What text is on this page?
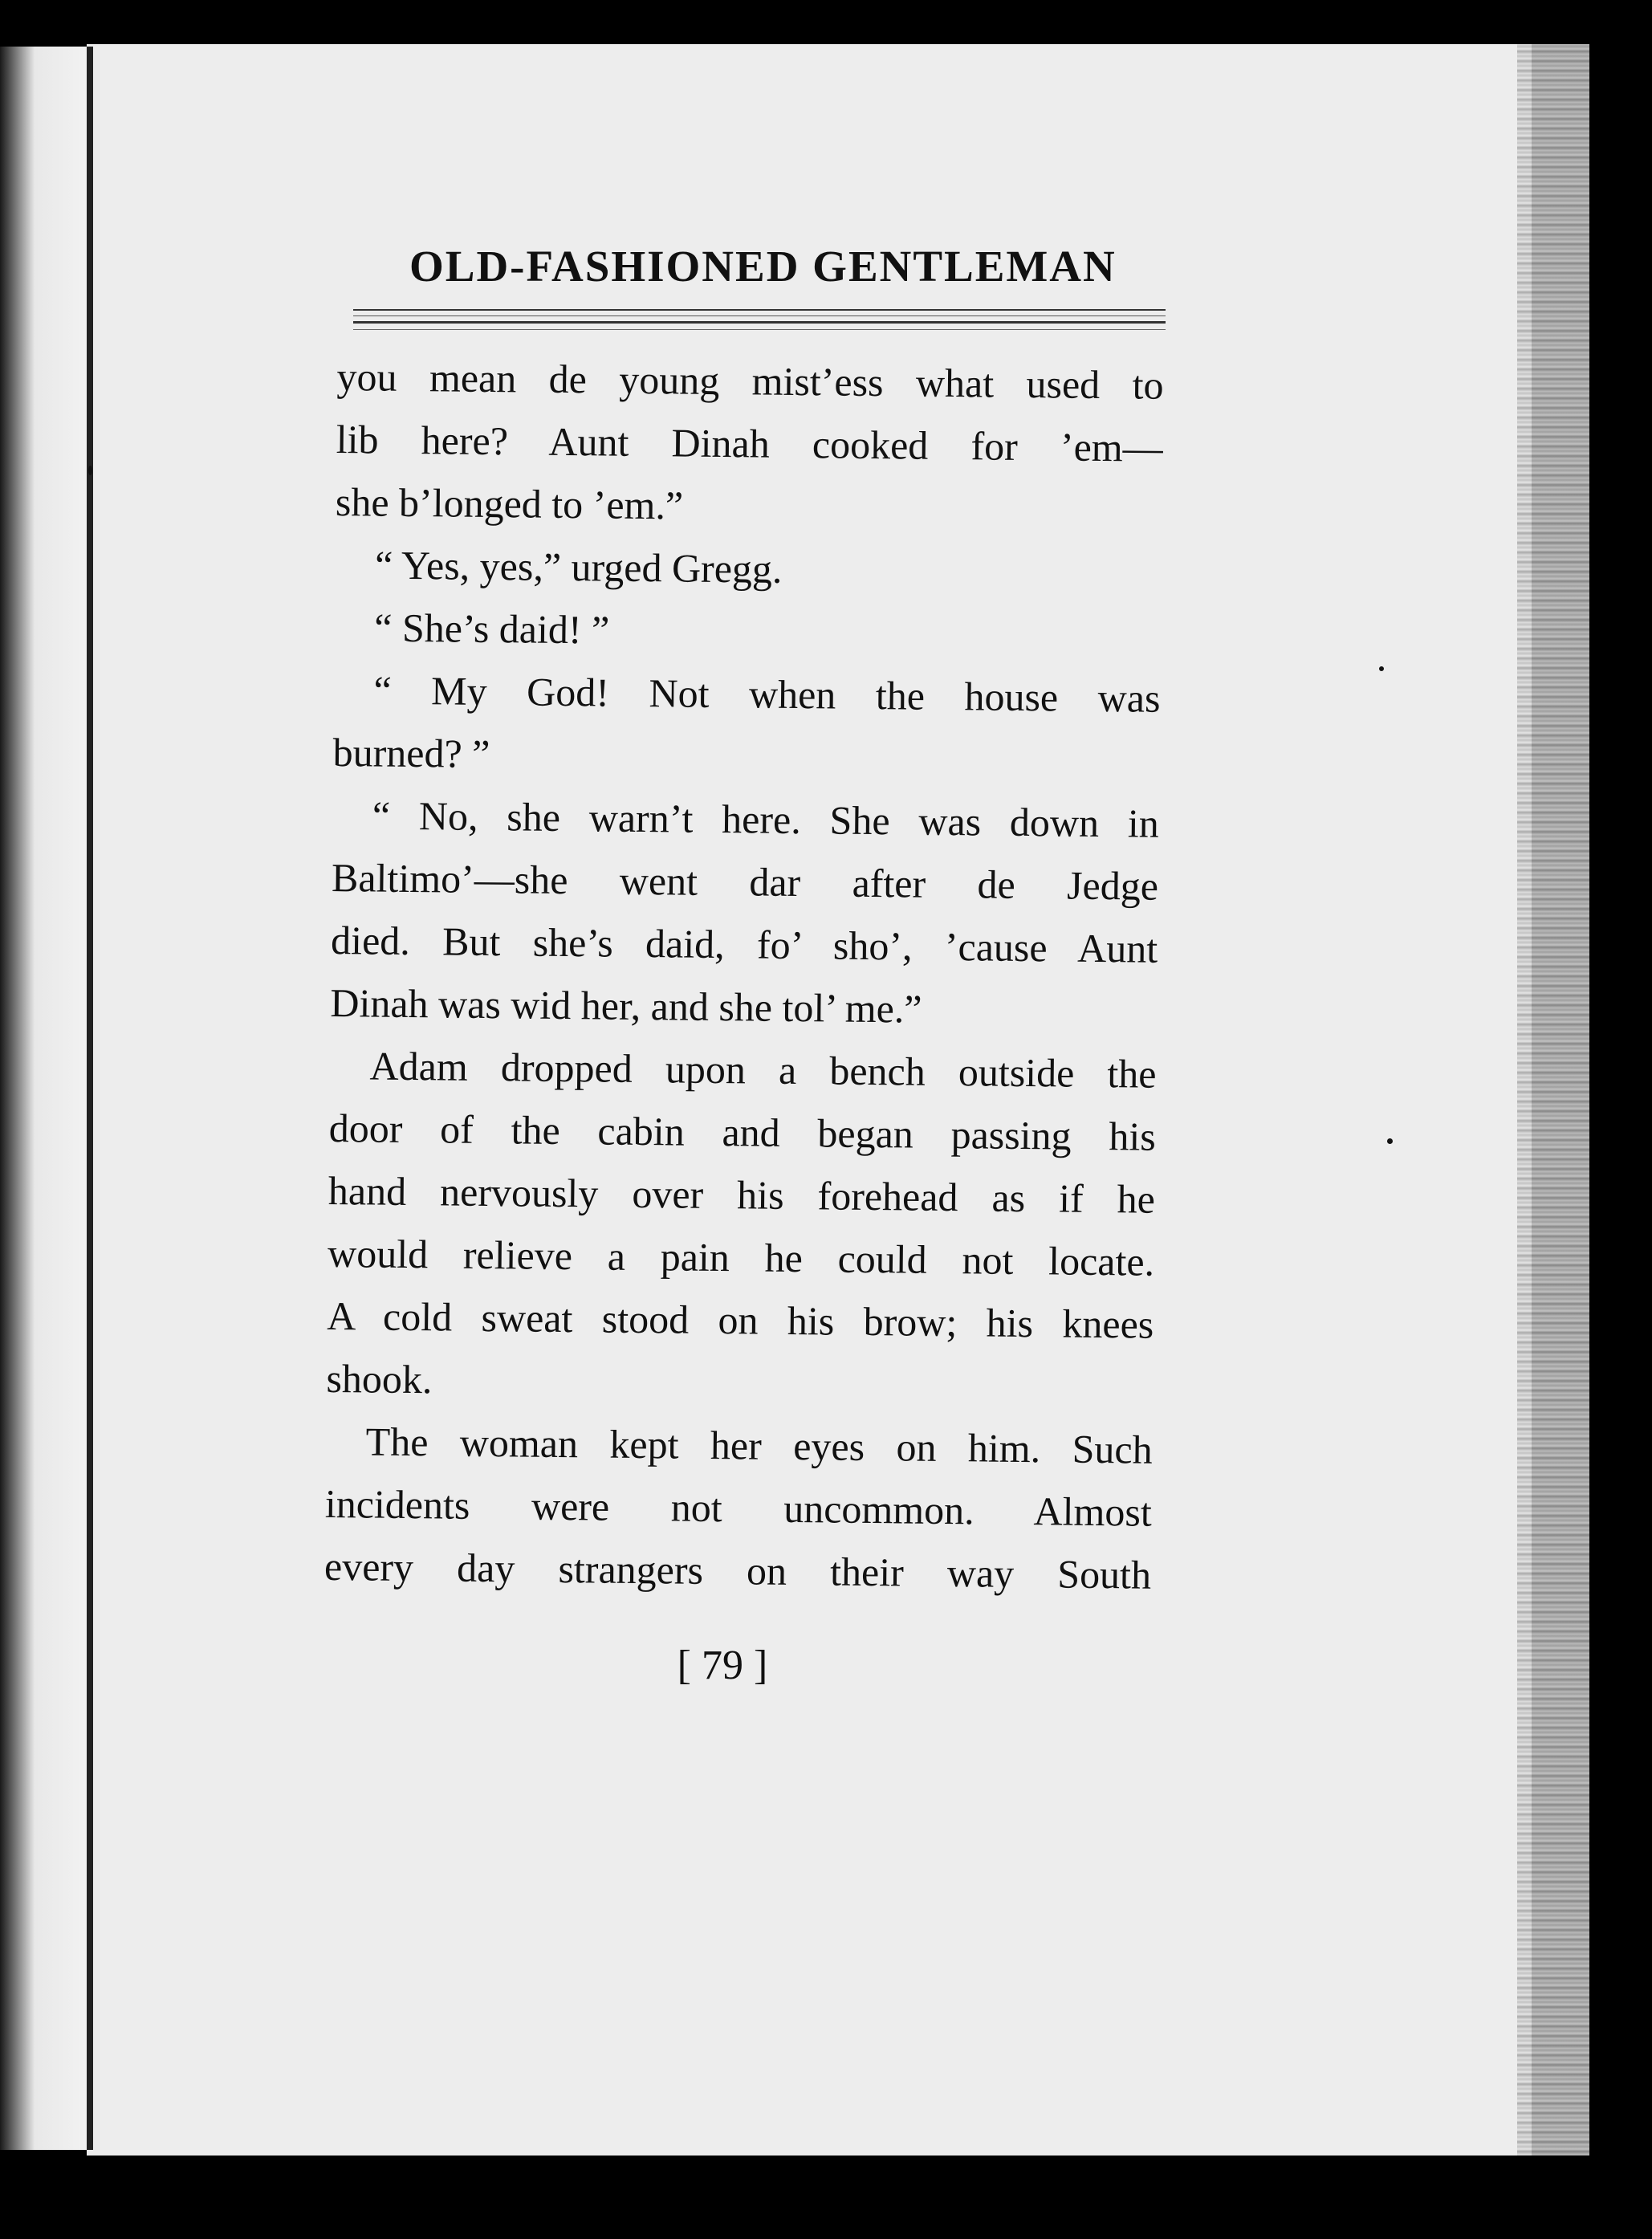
OLD-FASHIONED GENTLEMAN
you mean de young mist’ess what used to
lib here? Aunt Dinah cooked for ’em—
she b’longed to ’em.”
“ Yes, yes,” urged Gregg.
“ She’s daid! ”
“ My God! Not when the house was
burned? ”
“ No, she warn’t here. She was down in
Baltimo’—she went dar after de Jedge
died. But she’s daid, fo’ sho’, ’cause Aunt
Dinah was wid her, and she tol’ me.”
Adam dropped upon a bench outside the
door of the cabin and began passing his
hand nervously over his forehead as if he
would relieve a pain he could not locate.
A cold sweat stood on his brow; his knees
shook.
The woman kept her eyes on him. Such
incidents were not uncommon. Almost
every day strangers on their way South
[ 79 ]
